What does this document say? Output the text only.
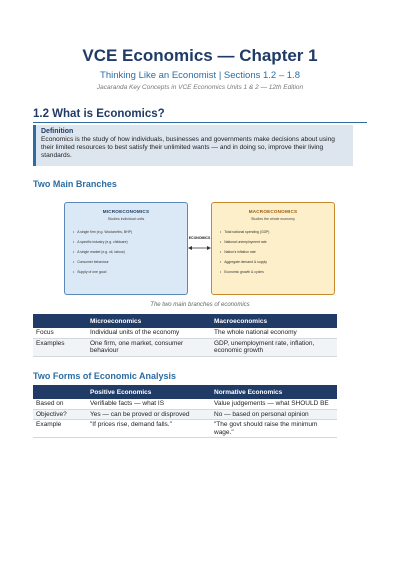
VCE Economics — Chapter 1
Thinking Like an Economist | Sections 1.2 – 1.8
Jacaranda Key Concepts in VCE Economics Units 1 & 2 — 12th Edition
1.2 What is Economics?
Definition
Economics is the study of how individuals, businesses and governments make decisions about using their limited resources to best satisfy their unlimited wants — and in doing so, improve their living standards.
Two Main Branches
MICROECONOMICS
Studies individual units
• A single firm (e.g. Woolworths, BHP)
• A specific industry (e.g. childcare)
• A single market (e.g. oil, labour)
• Consumer behaviour
• Supply of one good
ECONOMICS
MACROECONOMICS
Studies the whole economy
• Total national spending (GDP)
• National unemployment rate
• Nation's inflation rate
• Aggregate demand & supply
• Economic growth & cycles
The two main branches of economics
	Microeconomics	Macroeconomics
Focus	Individual units of the economy	The whole national economy
Examples	One firm, one market, consumer behaviour	GDP, unemployment rate, inflation, economic growth
Two Forms of Economic Analysis
	Positive Economics	Normative Economics
Based on	Verifiable facts — what IS	Value judgements — what SHOULD BE
Objective?	Yes — can be proved or disproved	No — based on personal opinion
Example	"If prices rise, demand falls."	"The govt should raise the minimum wage."
